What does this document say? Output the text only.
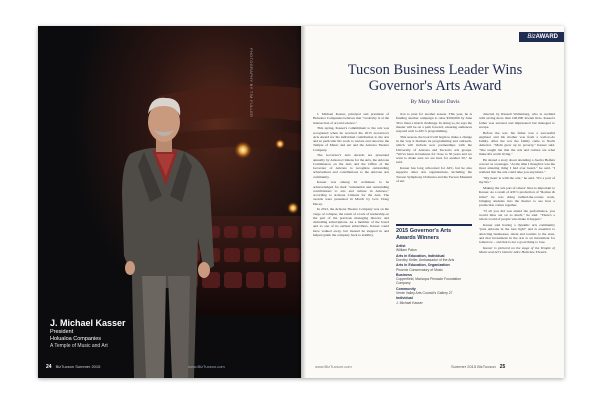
PHOTOGRAPHY BY TIM FULLER
J. Michael Kasser
President
Holualoa Companies
A Temple of Music and Art
24 BizTucson Summer 2015	www.BizTucson.com
BizAWARD
Tucson Business Leader Wins Governor's Arts Award
By Mary Minor Davis

J. Michael Kasser, principal and president of Holualoa Companies believes that "creativity is at the intersection of art and science."

This spring, Kasser's commitment to the arts was recognized when he received the 2015 Governor's Arts Award for his individual contribution to the arts and in particular his work to restore and renovate the Temple of Music and Art and the Arizona Theatre Company.

The Governor's Arts Awards are presented annually by Arizona Citizens for the Arts, the Arizona Commission on the Arts and the Office of the Governor of Arizona to recognize outstanding achievement and contributions to the Arizona arts community.

Kasser was among 61 nominees to be acknowledged for their "substantial and outstanding contributions to arts and culture in Arizona," according to Arizona Citizens for the Arts. The awards were presented in March by Gov. Doug Ducey.

In 2012, the Arizona Theatre Company was on the verge of collapse, the result of a lack of leadership on the part of the previous managing director and dwindling subscriptions. As a member of the board and as one of its earliest subscribers, Kasser could have walked away, but instead he stepped in and helped guide the company back to stability.

tion to plan for another season. This year, he is funding another campaign to raise $500,000 by June 30 to meet a match challenge. In doing so, he says the theater will be on a path forward, ensuring audiences respond well to ATC's programming.

This season, the board will begin to make a change in the way it markets its programming and outreach, which will include new partnerships with the University of Arizona and Tucson's arts groups. "We've been in business for close to 50 years and we want to make sure we are here for another 50," he said.

Kasser has long advocated for ATC, but he also supports other arts organizations, including the Tucson Symphony Orchestra and the Tucson Museum of Art.

2015 Governor's Arts Awards Winners
Artist
William Paton
Arts in Education, Individual
Dorothy Keller, Ambassador of the Arts
Arts in Education, Organization
Phoenix Conservatory of Music
Business
Copperfield, Maricopa Pinnacle Foundation Company
Community
Verde Valley Arts Council's Gallery 27
Individual
J. Michael Kasser

directed by Russell Wallenberg, who is credited with saving more than 100,000 Jewish lives. Kasser's father was arrested and imprisoned but managed to escape.

Before the war, his father was a successful engineer and his mother was from a well-to-do family. After the war the family came to North America. "Mom grew up in poverty," Kasser said. "She taught me that the arts and culture are what make life worth living."

He shared a story about attending a Jascha Heifetz concert as a teenager. "At the time I thought it was the most amazing thing I had ever heard," he said. "I realized that the arts could take you anywhere."

"My heart is with the arts," he said. "It's a part of my life."

Making the arts part of others' lives is important to Kasser. As a result of ATC's production of "Romeo & Juliet" he was doing behind-the-scenes work, bringing students into the theater to see how a production comes together.

"If all you did was attend the performance, you would miss out on so much," he said. "There's a whole world of people who make it happen."

Kasser said having a dynamic arts community "puts Arizona in the best light" and is essential to attracting businesses, talent and tourists to the state, and that investment in the arts is an investment for tomorrow – and that is not a good thing to lose.

Kasser is pictured on the stage of the Temple of Music and Art's historic Alice Holsclaw Theatre.

www.BizTucson.com	Summer 2015 BizTucson 25
